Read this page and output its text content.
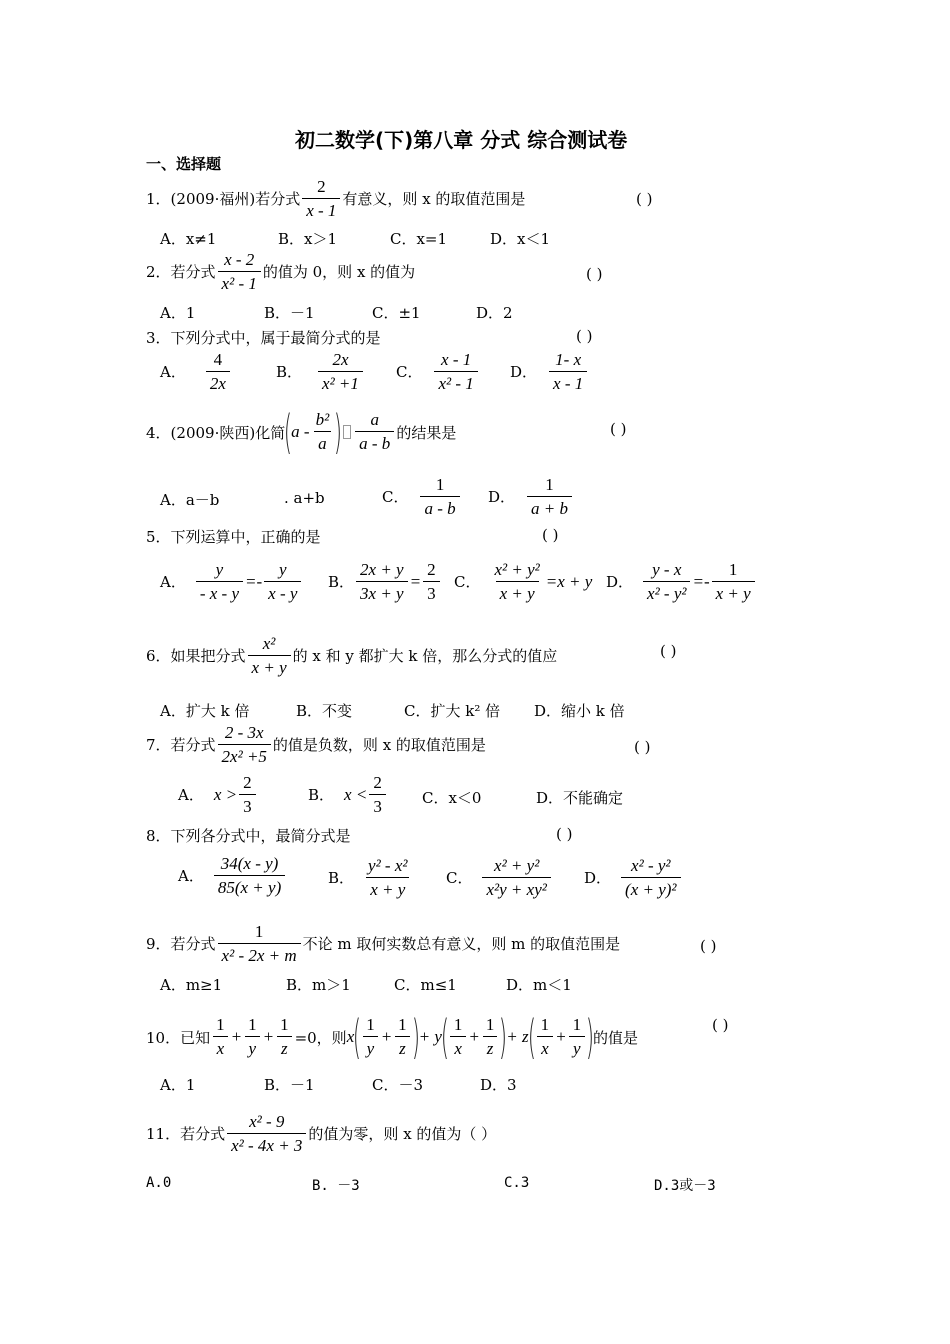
初二数学(下)第八章 分式 综合测试卷
一、选择题
1．(2009·福州)若分式 $\frac{2}{x - 1}$ 有意义，则 x 的取值范围是	( )
A．x≠1	B．x＞1	C．x=1	D．x＜1
2．若分式 $\frac{x - 2}{\text{x² - 1}}$ 的值为 0，则 x 的值为	( )
A．1	B．－1	C．±1	D．2
3．下列分式中，属于最简分式的是	( )
A． $\frac{4}{2x}$	B． $\frac{2x}{\text{x² +1}}$ C． $\frac{x - 1}{\text{x² - 1}}$ D． $\frac{1- x}{x - 1}$
4．(2009·陕西)化简
(
a - $\frac{\text{b²}}{a}$ ) $\frac{a}{a - b}$ 的结果是	( )
A．a－b	. a+b	C． $\frac{1}{a - b}$ D． $\frac{1}{a + b}$
5．下列运算中，正确的是	( )
A． $\frac{y}{- x - y} =- \frac{y}{x - y}$ B． $\frac{2x + y}{3x + y} = \frac{2}{3}$ C． $\frac{\text{x² + y²}}{x + y} =x + y$ D． $\frac{y - x}{\text{x² - y²}} =- \frac{1}{x + y}$
6．如果把分式 $\frac{\text{x²}}{x + y}$ 的 x 和 y 都扩大 k 倍，那么分式的值应	( )
A．扩大 k 倍	B．不变	C．扩大 k² 倍 D．缩小 k 倍
7．若分式 $\frac{2 - 3x}{\text{2x² +5}}$ 的值是负数，则 x 的取值范围是	( )
A． $x > \frac{2}{3}$	B． $x < \frac{2}{3}$ C．x＜0	D．不能确定
8．下列各分式中，最简分式是	( )
A． $\frac{34(x - y)}{85(x + y)}$	B． $\frac{\text{y² - x²}}{x + y}$ C． $\frac{\text{x² + y²}}{\text{x²y + xy²}}$ D． $\frac{\text{x² - y²}}{\text{(x + y)²}}$
9．若分式 $\frac{1}{\text{x² - 2x + m}}$ 不论 m 取何实数总有意义，则 m 的取值范围是	( )
A．m≥1	B．m＞1	C．m≤1	D．m＜1
10．已知 $\frac{1}{x} + \frac{1}{y} + \frac{1}{z} =0$，则 x
( $\frac{1}{y} + \frac{1}{z}$ )
+ y
( $\frac{1}{x} + \frac{1}{z}$ )
+ z
( $\frac{1}{x} + \frac{1}{y}$ )
的值是
( )
A．1	B．－1	C．－3	D．3
11．若分式 $\frac{\text{x² - 9}}{\text{x² - 4x + 3}}$ 的值为零，则 x 的值为（ ）
A.0	B. －3	C.3	D.3或－3
